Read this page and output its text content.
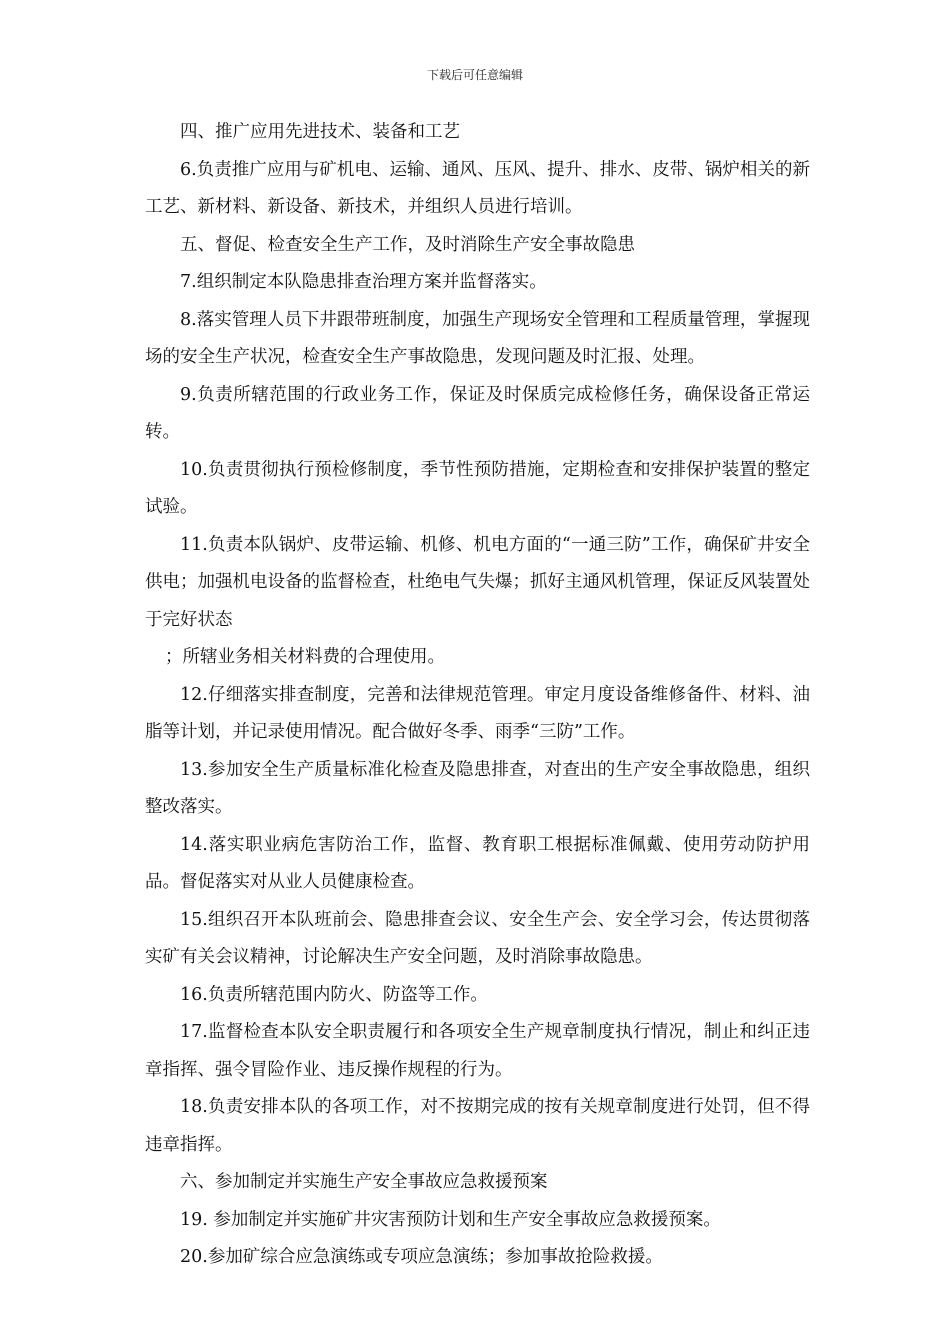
下载后可任意编辑

四、推广应用先进技术、装备和工艺

6.负责推广应用与矿机电、运输、通风、压风、提升、排水、皮带、锅炉相关的新工艺、新材料、新设备、新技术，并组织人员进行培训。

五、督促、检查安全生产工作，及时消除生产安全事故隐患

7.组织制定本队隐患排查治理方案并监督落实。

8.落实管理人员下井跟带班制度，加强生产现场安全管理和工程质量管理，掌握现场的安全生产状况，检查安全生产事故隐患，发现问题及时汇报、处理。

9.负责所辖范围的行政业务工作，保证及时保质完成检修任务，确保设备正常运转。

10.负责贯彻执行预检修制度，季节性预防措施，定期检查和安排保护装置的整定试验。

11.负责本队锅炉、皮带运输、机修、机电方面的“一通三防”工作，确保矿井安全供电；加强机电设备的监督检查，杜绝电气失爆；抓好主通风机管理，保证反风装置处于完好状态

；所辖业务相关材料费的合理使用。

12.仔细落实排查制度，完善和法律规范管理。审定月度设备维修备件、材料、油脂等计划，并记录使用情况。配合做好冬季、雨季“三防”工作。

13.参加安全生产质量标准化检查及隐患排查，对查出的生产安全事故隐患，组织整改落实。

14.落实职业病危害防治工作，监督、教育职工根据标准佩戴、使用劳动防护用品。督促落实对从业人员健康检查。

15.组织召开本队班前会、隐患排查会议、安全生产会、安全学习会，传达贯彻落实矿有关会议精神，讨论解决生产安全问题，及时消除事故隐患。

16.负责所辖范围内防火、防盗等工作。

17.监督检查本队安全职责履行和各项安全生产规章制度执行情况，制止和纠正违章指挥、强令冒险作业、违反操作规程的行为。

18.负责安排本队的各项工作，对不按期完成的按有关规章制度进行处罚，但不得违章指挥。

六、参加制定并实施生产安全事故应急救援预案

19. 参加制定并实施矿井灾害预防计划和生产安全事故应急救援预案。

20.参加矿综合应急演练或专项应急演练；参加事故抢险救援。
